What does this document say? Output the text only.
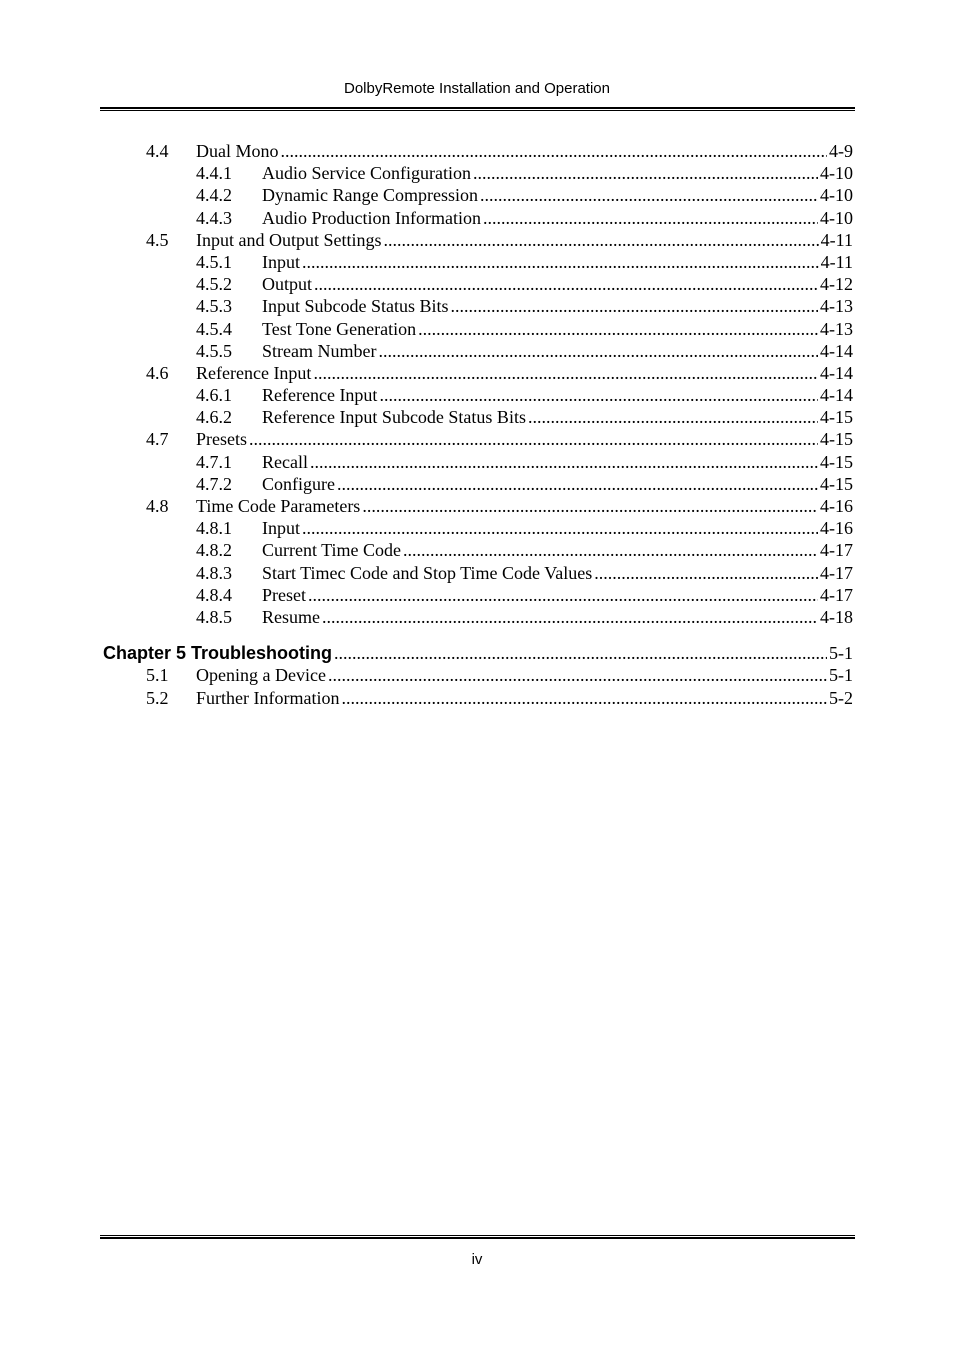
DolbyRemote Installation and Operation
4.4	Dual Mono .....	4-9
4.4.1	Audio Service Configuration .....	4-10
4.4.2	Dynamic Range Compression .....	4-10
4.4.3	Audio Production Information .....	4-10
4.5	Input and Output Settings .....	4-11
4.5.1	Input .....	4-11
4.5.2	Output .....	4-12
4.5.3	Input Subcode Status Bits .....	4-13
4.5.4	Test Tone Generation .....	4-13
4.5.5	Stream Number .....	4-14
4.6	Reference Input .....	4-14
4.6.1	Reference Input .....	4-14
4.6.2	Reference Input Subcode Status Bits .....	4-15
4.7	Presets .....	4-15
4.7.1	Recall .....	4-15
4.7.2	Configure .....	4-15
4.8	Time Code Parameters .....	4-16
4.8.1	Input .....	4-16
4.8.2	Current Time Code .....	4-17
4.8.3	Start Timec Code and Stop Time Code Values .....	4-17
4.8.4	Preset .....	4-17
4.8.5	Resume .....	4-18
Chapter 5 Troubleshooting .....	5-1
5.1	Opening a Device .....	5-1
5.2	Further Information .....	5-2
iv
